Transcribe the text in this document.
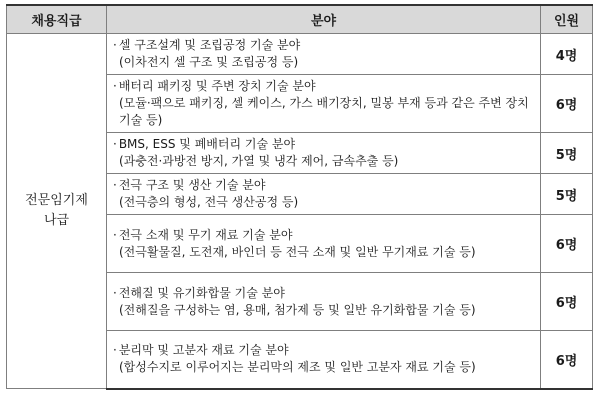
채용직급	분야	인원
전문임기제
나급	· 셀 구조설계 및 조립공정 기술 분야
(이차전지 셀 구조 및 조립공정 등)	4명

	· 배터리 패키징 및 주변 장치 기술 분야
(모듈·팩으로 패키징, 셀 케이스, 가스 배기장치, 밀봉 부재 등과 같은 주변 장치 기술 등)	6명

	· BMS, ESS 및 폐배터리 기술 분야
(과충전·과방전 방지, 가열 및 냉각 제어, 금속추출 등)	5명

	· 전극 구조 및 생산 기술 분야
(전극층의 형성, 전극 생산공정 등)	5명

	· 전극 소재 및 무기 재료 기술 분야
(전극활물질, 도전재, 바인더 등 전극 소재 및 일반 무기재료 기술 등)	6명

	· 전해질 및 유기화합물 기술 분야
(전해질을 구성하는 염, 용매, 첨가제 등 및 일반 유기화합물 기술 등)	6명

	· 분리막 및 고분자 재료 기술 분야
(합성수지로 이루어지는 분리막의 제조 및 일반 고분자 재료 기술 등)	6명
